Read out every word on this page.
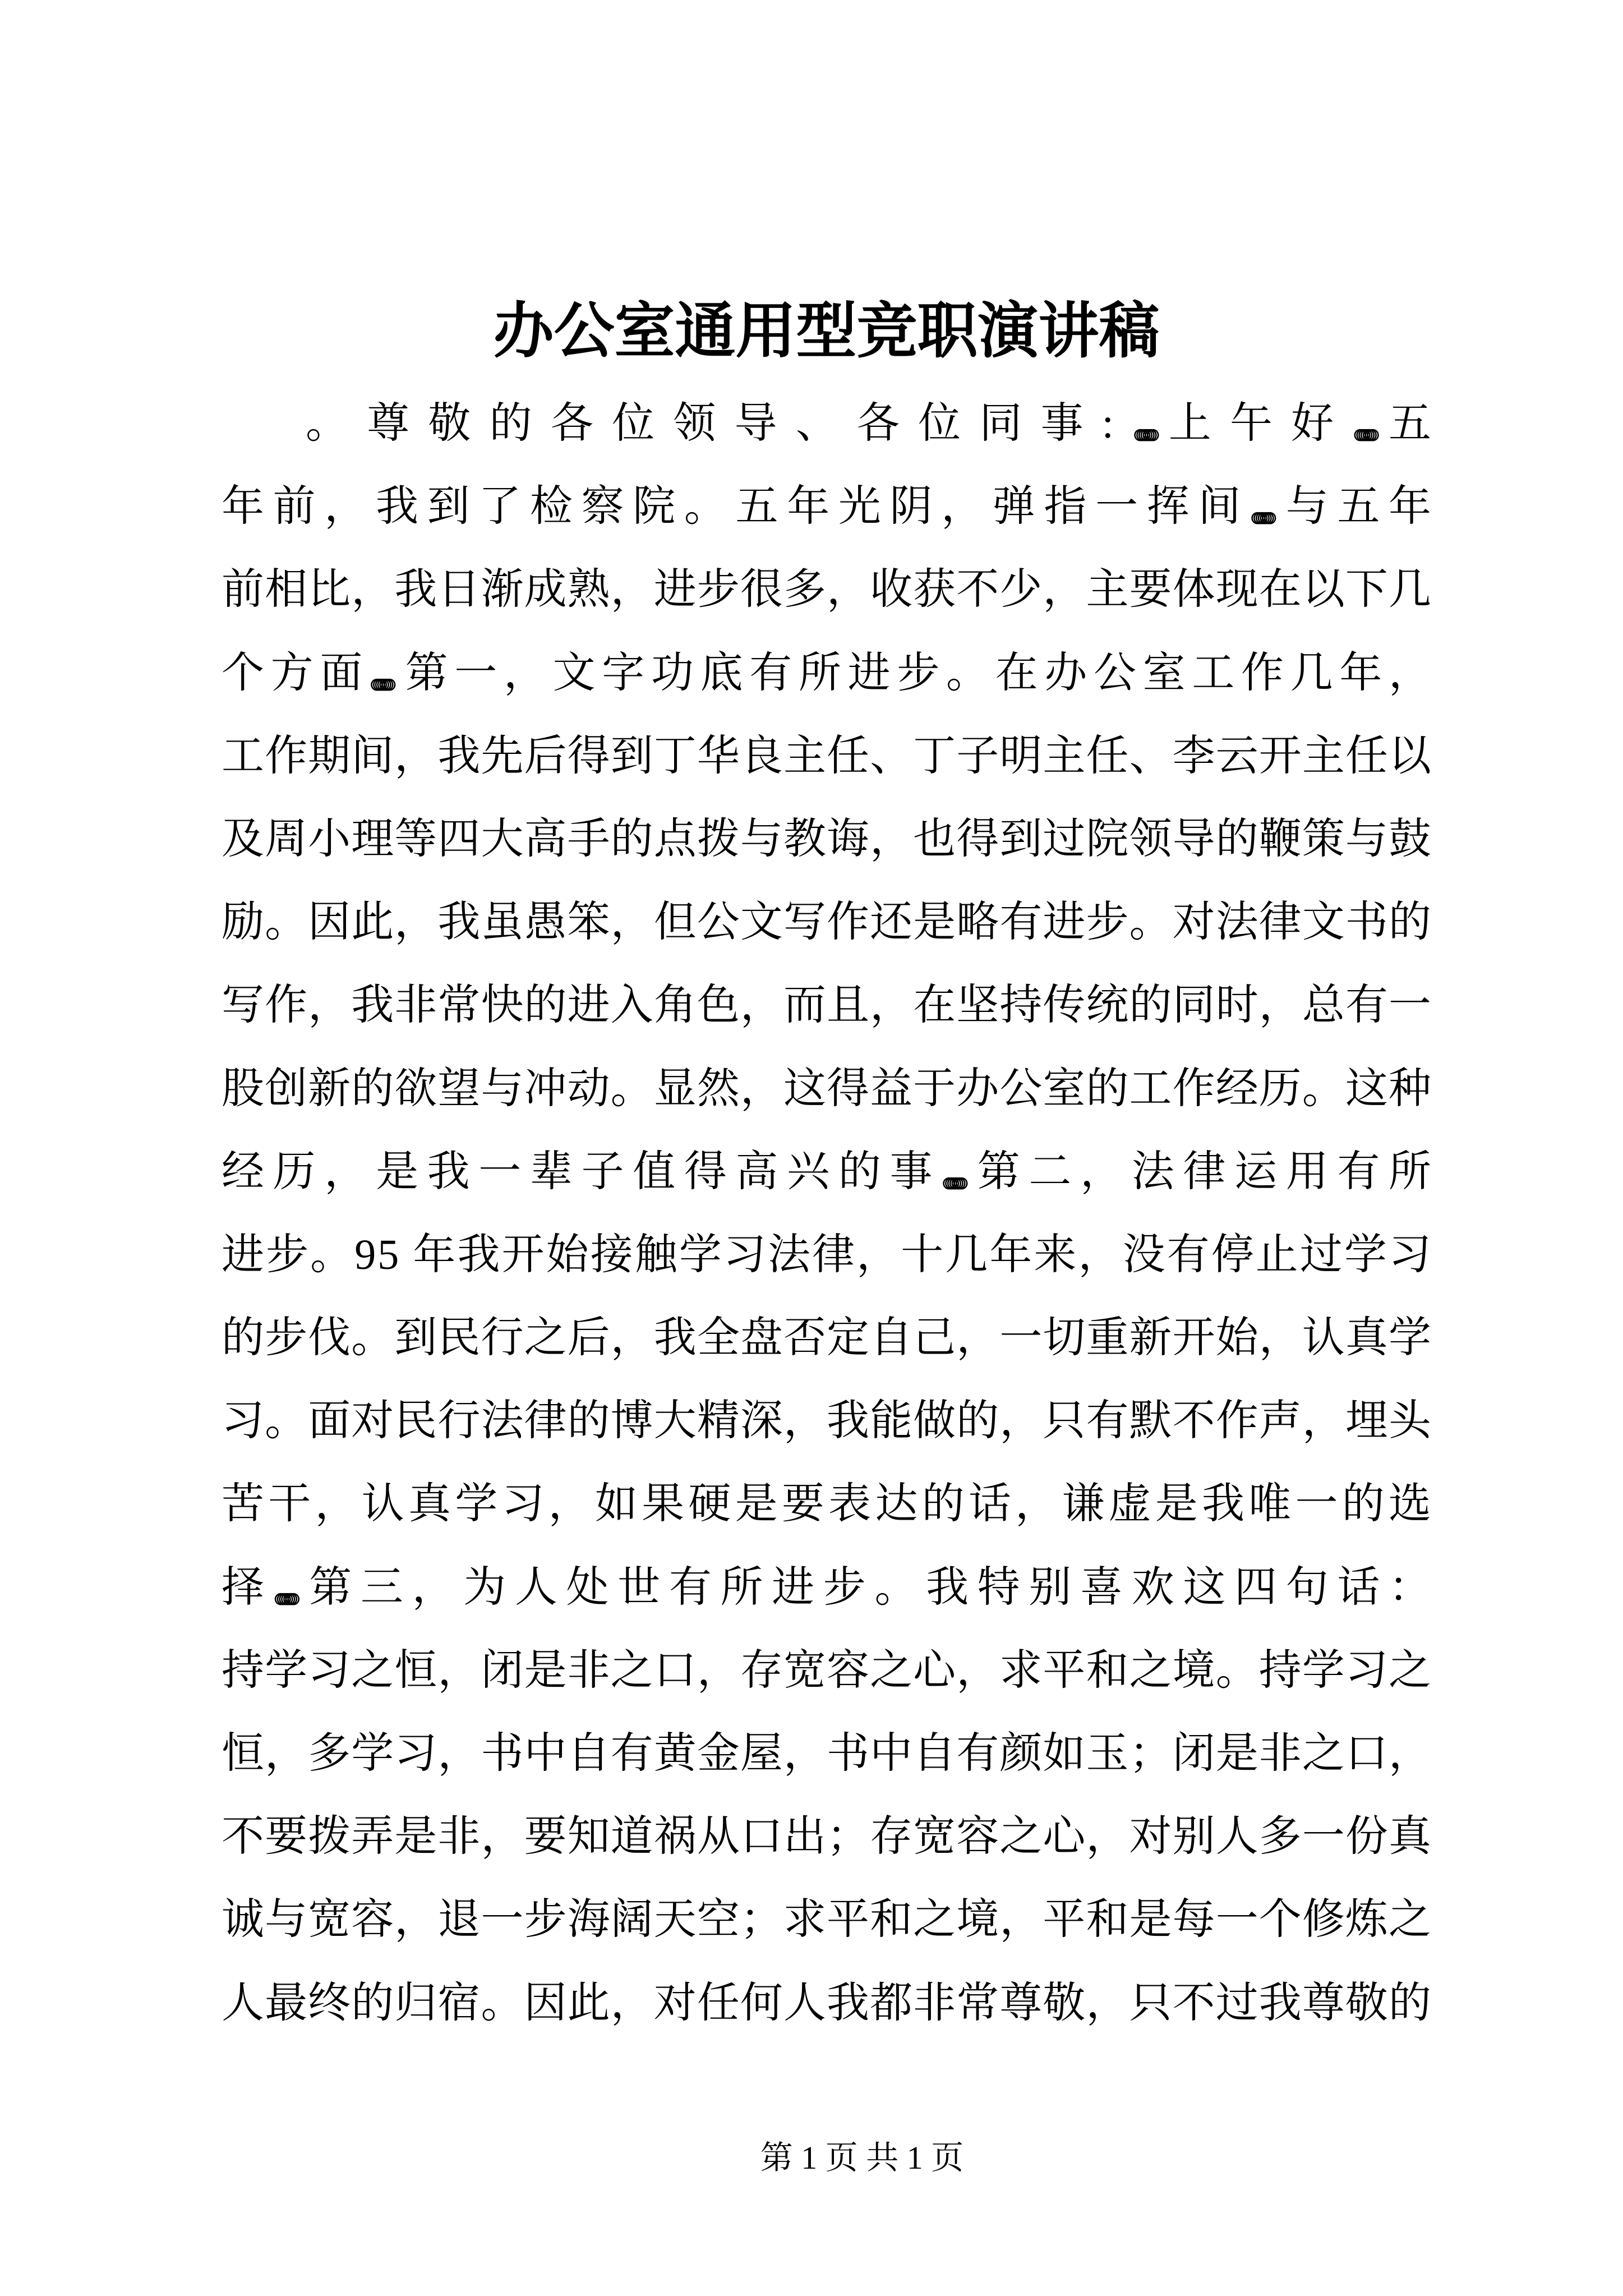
办公室通用型竞职演讲稿
。尊敬的各位领导、各位同事:。。。。。。。上午好。。。。。。。五
年前，我到了检察院。五年光阴，弹指一挥间。。。。。。。与五年
前相比，我日渐成熟，进步很多，收获不少，主要体现在以下几
个方面。。。。。。。第一，文字功底有所进步。在办公室工作几年，
工作期间，我先后得到丁华良主任、丁子明主任、李云开主任以
及周小理等四大高手的点拨与教诲，也得到过院领导的鞭策与鼓
励。因此，我虽愚笨，但公文写作还是略有进步。对法律文书的
写作，我非常快的进入角色，而且，在坚持传统的同时，总有一
股创新的欲望与冲动。显然，这得益于办公室的工作经历。这种
经历，是我一辈子值得高兴的事。。。。。。。第二，法律运用有所
进步。95 年我开始接触学习法律，十几年来，没有停止过学习
的步伐。到民行之后，我全盘否定自己，一切重新开始，认真学
习。面对民行法律的博大精深，我能做的，只有默不作声，埋头
苦干，认真学习，如果硬是要表达的话，谦虚是我唯一的选
择。。。。。。。第三，为人处世有所进步。我特别喜欢这四句话：
持学习之恒，闭是非之口，存宽容之心，求平和之境。持学习之
恒，多学习，书中自有黄金屋，书中自有颜如玉；闭是非之口，
不要拨弄是非，要知道祸从口出；存宽容之心，对别人多一份真
诚与宽容，退一步海阔天空；求平和之境，平和是每一个修炼之
人最终的归宿。因此，对任何人我都非常尊敬，只不过我尊敬的
第 1 页 共 1 页
